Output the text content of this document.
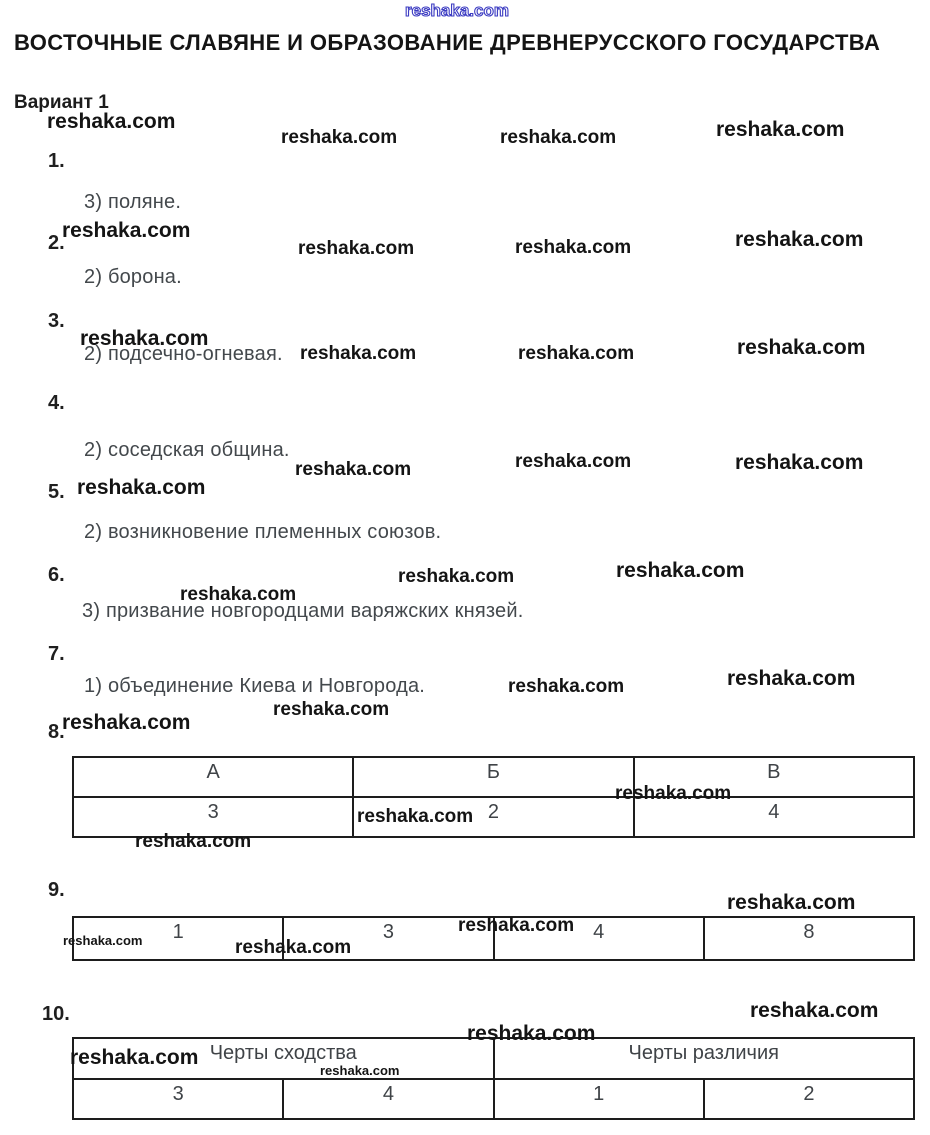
reshaka.com
ВОСТОЧНЫЕ СЛАВЯНЕ И ОБРАЗОВАНИЕ ДРЕВНЕРУССКОГО ГОСУДАРСТВА
Вариант 1
1.
2.
3.
4.
5.
6.
7.
8.
9.
10.
3) поляне.
2) борона.
2) подсечно-огневая.
2) соседская община.
2) возникновение племенных союзов.
3) призвание новгородцами варяжских князей.
1) объединение Киева и Новгорода.
А	Б	В
3	2	4
1	3	4	8
Черты сходства	Черты различия
3	4	1	2
reshaka.com
reshaka.com	reshaka.com	reshaka.com
reshaka.com
reshaka.com	reshaka.com	reshaka.com
reshaka.com
reshaka.com	reshaka.com	reshaka.com
reshaka.com	reshaka.com	reshaka.com
reshaka.com
reshaka.com	reshaka.com
reshaka.com
reshaka.com	reshaka.com
reshaka.com
reshaka.com
reshaka.com
reshaka.com
reshaka.com
reshaka.com
reshaka.com	reshaka.com
reshaka.com
reshaka.com
reshaka.com
reshaka.com
reshaka.com
